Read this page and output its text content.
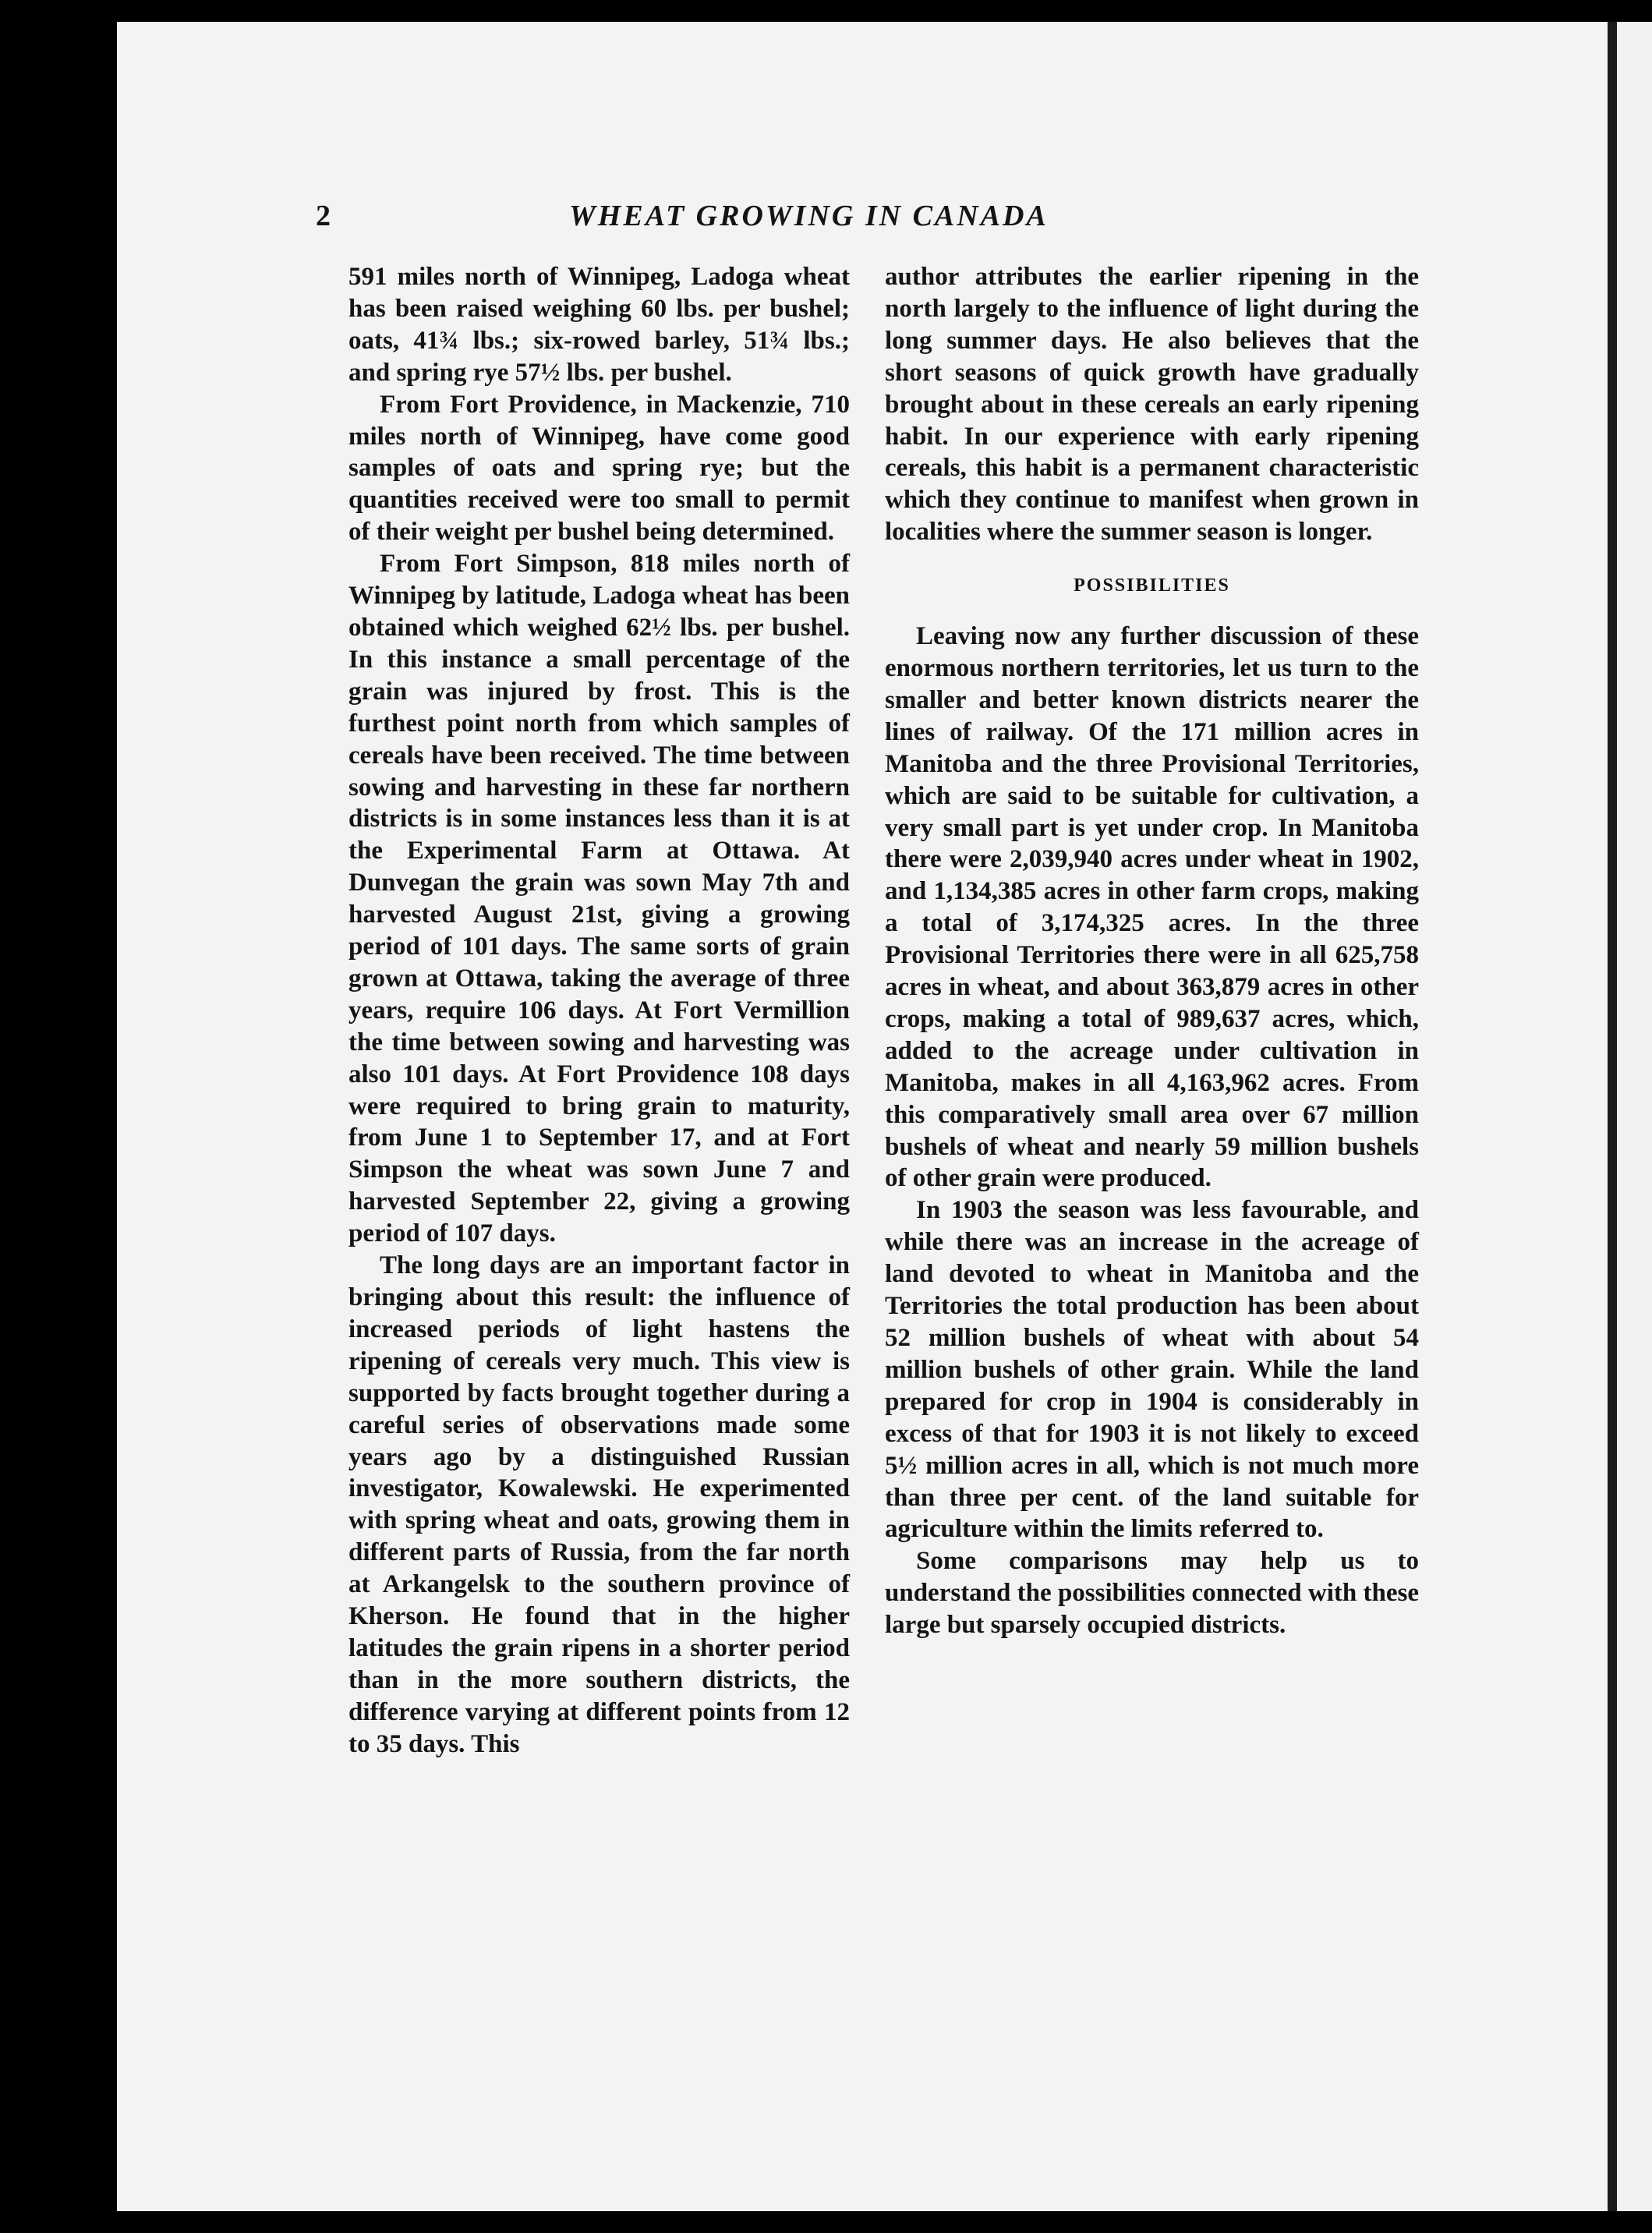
2	WHEAT GROWING IN CANADA

591 miles north of Winnipeg, Ladoga wheat has been raised weighing 60 lbs. per bushel; oats, 41¾ lbs.; six-rowed barley, 51¾ lbs.; and spring rye 57½ lbs. per bushel.

From Fort Providence, in Mackenzie, 710 miles north of Winnipeg, have come good samples of oats and spring rye; but the quantities received were too small to permit of their weight per bushel being determined.

From Fort Simpson, 818 miles north of Winnipeg by latitude, Ladoga wheat has been obtained which weighed 62½ lbs. per bushel. In this instance a small percentage of the grain was injured by frost. This is the furthest point north from which samples of cereals have been received. The time between sowing and harvesting in these far northern districts is in some instances less than it is at the Experimental Farm at Ottawa. At Dunvegan the grain was sown May 7th and harvested August 21st, giving a growing period of 101 days. The same sorts of grain grown at Ottawa, taking the average of three years, require 106 days. At Fort Vermillion the time between sowing and harvesting was also 101 days. At Fort Providence 108 days were required to bring grain to maturity, from June 1 to September 17, and at Fort Simpson the wheat was sown June 7 and harvested September 22, giving a growing period of 107 days.

The long days are an important factor in bringing about this result: the influence of increased periods of light hastens the ripening of cereals very much. This view is supported by facts brought together during a careful series of observations made some years ago by a distinguished Russian investigator, Kowalewski. He experimented with spring wheat and oats, growing them in different parts of Russia, from the far north at Arkangelsk to the southern province of Kherson. He found that in the higher latitudes the grain ripens in a shorter period than in the more southern districts, the difference varying at different points from 12 to 35 days. This

author attributes the earlier ripening in the north largely to the influence of light during the long summer days. He also believes that the short seasons of quick growth have gradually brought about in these cereals an early ripening habit. In our experience with early ripening cereals, this habit is a permanent characteristic which they continue to manifest when grown in localities where the summer season is longer.

POSSIBILITIES

Leaving now any further discussion of these enormous northern territories, let us turn to the smaller and better known districts nearer the lines of railway. Of the 171 million acres in Manitoba and the three Provisional Territories, which are said to be suitable for cultivation, a very small part is yet under crop. In Manitoba there were 2,039,940 acres under wheat in 1902, and 1,134,385 acres in other farm crops, making a total of 3,174,325 acres. In the three Provisional Territories there were in all 625,758 acres in wheat, and about 363,879 acres in other crops, making a total of 989,637 acres, which, added to the acreage under cultivation in Manitoba, makes in all 4,163,962 acres. From this comparatively small area over 67 million bushels of wheat and nearly 59 million bushels of other grain were produced.

In 1903 the season was less favourable, and while there was an increase in the acreage of land devoted to wheat in Manitoba and the Territories the total production has been about 52 million bushels of wheat with about 54 million bushels of other grain. While the land prepared for crop in 1904 is considerably in excess of that for 1903 it is not likely to exceed 5½ million acres in all, which is not much more than three per cent. of the land suitable for agriculture within the limits referred to.

Some comparisons may help us to understand the possibilities connected with these large but sparsely occupied districts.
